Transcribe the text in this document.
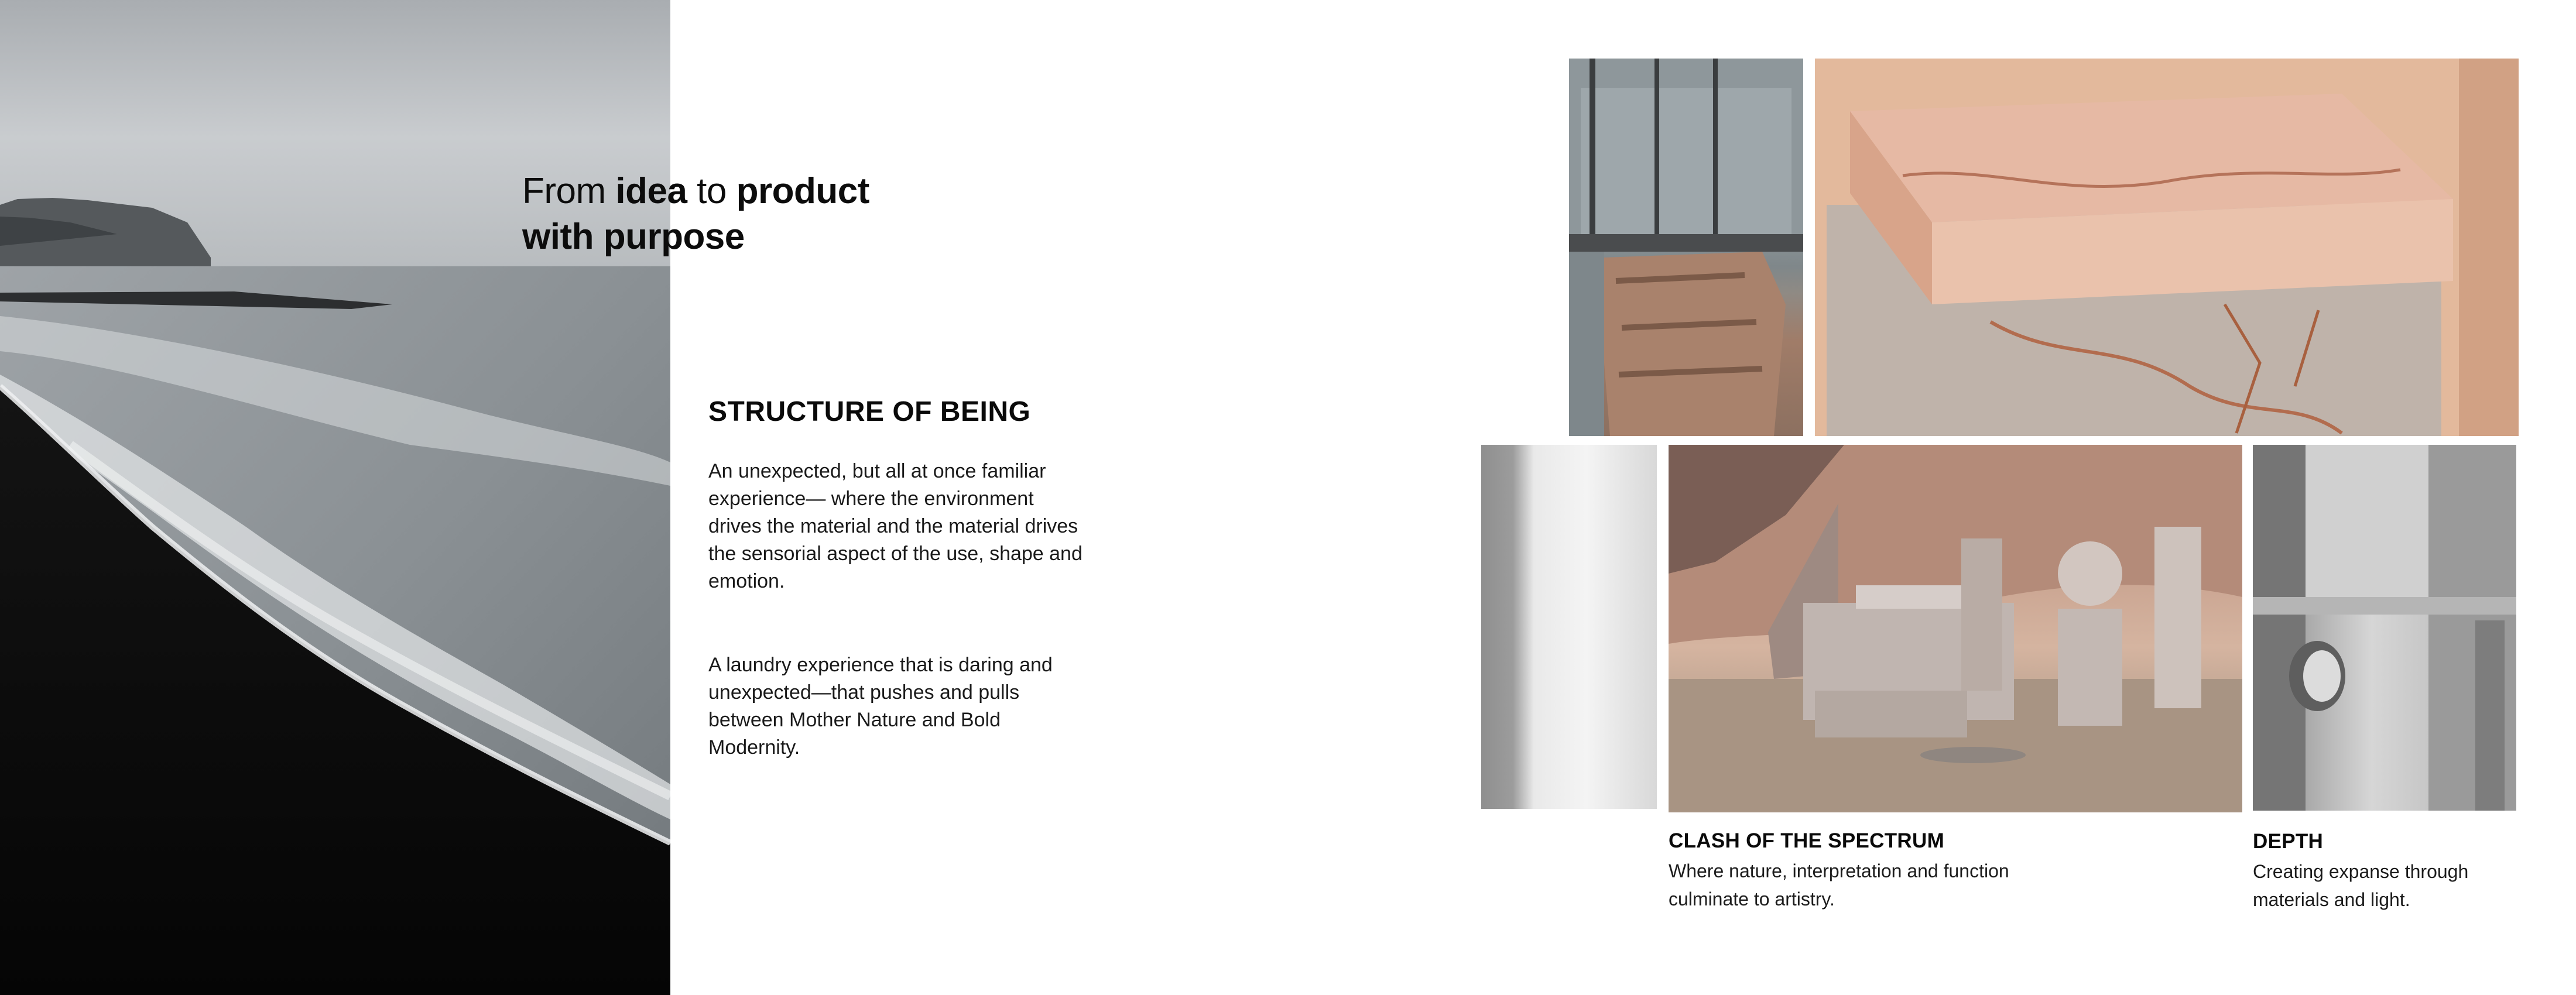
From idea to product
with purpose
STRUCTURE OF BEING
An unexpected, but all at once familiar experience— where the environment drives the material and the material drives the sensorial aspect of the use, shape and emotion.
A laundry experience that is daring and unexpected—that pushes and pulls between Mother Nature and Bold Modernity.
CLASH OF THE SPECTRUM
Where nature, interpretation and function culminate to artistry.
DEPTH
Creating expanse through materials and light.
